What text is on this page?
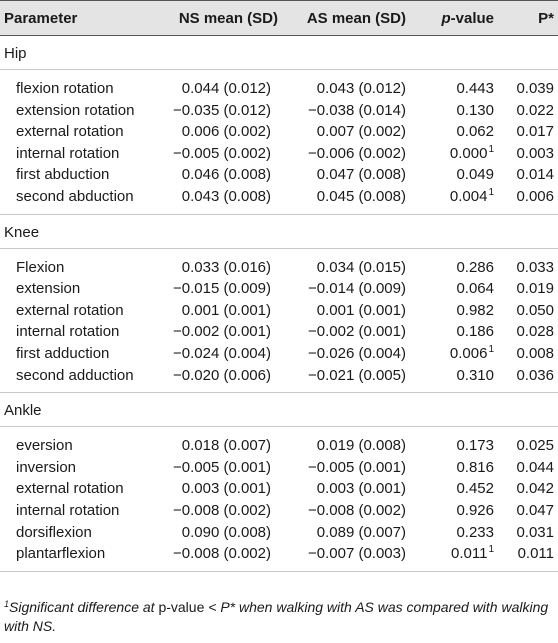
Parameter	NS mean (SD) AS mean (SD) p-value	P*
Hip
flexion rotation	0.044 (0.012)	0.043 (0.012)	0.443 0.039
extension rotation	−0.035 (0.012) −0.038 (0.014)	0.130 0.022
external rotation	0.006 (0.002)	0.007 (0.002)	0.062 0.017
internal rotation	−0.005 (0.002) −0.006 (0.002)	0.000$^1$ 0.003
first abduction	0.046 (0.008)	0.047 (0.008)	0.049 0.014
second abduction	0.043 (0.008)	0.045 (0.008)	0.004$^1$ 0.006
Knee
Flexion	0.033 (0.016)	0.034 (0.015)	0.286 0.033
extension	−0.015 (0.009) −0.014 (0.009)	0.064 0.019
external rotation	0.001 (0.001)	0.001 (0.001)	0.982 0.050
internal rotation	−0.002 (0.001) −0.002 (0.001)	0.186 0.028
first adduction	−0.024 (0.004) −0.026 (0.004)	0.006$^1$ 0.008
second adduction	−0.020 (0.006) −0.021 (0.005)	0.310 0.036
Ankle
eversion	0.018 (0.007)	0.019 (0.008)	0.173 0.025
inversion	−0.005 (0.001) −0.005 (0.001)	0.816 0.044
external rotation	0.003 (0.001)	0.003 (0.001)	0.452 0.042
internal rotation	−0.008 (0.002) −0.008 (0.002)	0.926 0.047
dorsiflexion	0.090 (0.008)	0.089 (0.007)	0.233 0.031
plantarflexion	−0.008 (0.002) −0.007 (0.003)	0.011$^1$ 0.011
$^1$Significant difference at p-value < P* when walking with AS was compared with walking with NS.
